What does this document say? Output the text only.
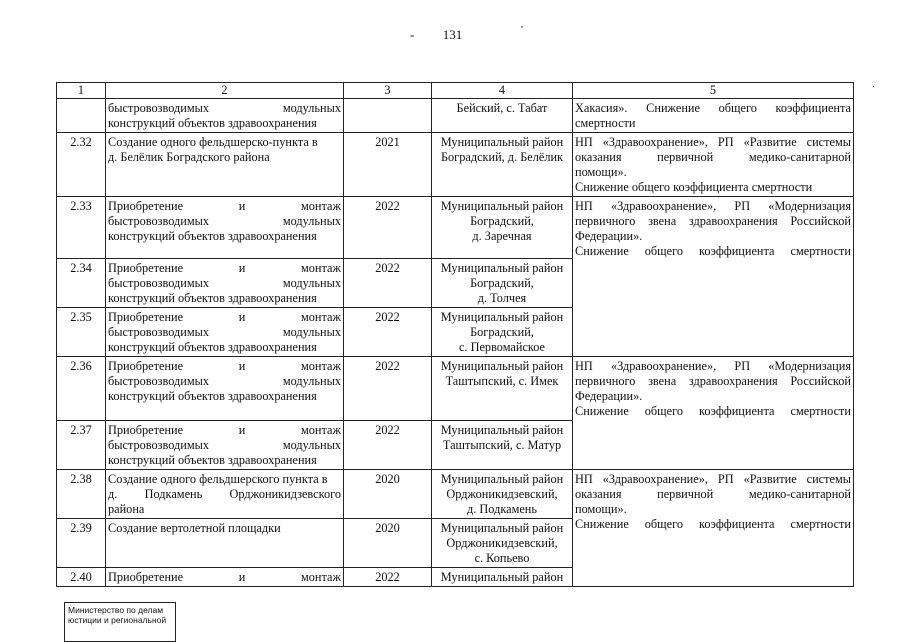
-	131	'
.
1	2	3	4	5

	быстровозводимых модульных
конструкций объектов здравоохранения		Бейский, с. Табат	Хакасия». Снижение общего коэффициента
смертности

2.32	Создание одного фельдшерско-пункта в
д. Белёлик Боградского района	2021	Муниципальный район
Боградский, д. Белёлик	НП «Здравоохранение», РП «Развитие системы
оказания первичной медико-санитарной
помощи».
Снижение общего коэффициента смертности

2.33	Приобретение и монтаж
быстровозводимых модульных
конструкций объектов здравоохранения	2022	Муниципальный район
Боградский,
д. Заречная	НП «Здравоохранение», РП «Модернизация
первичного звена здравоохранения Российской
Федерации».
Снижение общего коэффициента смертности

2.34	Приобретение и монтаж
быстровозводимых модульных
конструкций объектов здравоохранения	2022	Муниципальный район
Боградский,
д. Толчея	

2.35	Приобретение и монтаж
быстровозводимых модульных
конструкций объектов здравоохранения	2022	Муниципальный район
Боградский,
с. Первомайское	

2.36	Приобретение и монтаж
быстровозводимых модульных
конструкций объектов здравоохранения	2022	Муниципальный район
Таштыпский, с. Имек	НП «Здравоохранение», РП «Модернизация
первичного звена здравоохранения Российской
Федерации».
Снижение общего коэффициента смертности

2.37	Приобретение и монтаж
быстровозводимых модульных
конструкций объектов здравоохранения	2022	Муниципальный район
Таштыпский, с. Матур	

2.38	Создание одного фельдшерского пункта в
д. Подкамень Орджоникидзевского
района	2020	Муниципальный район
Орджоникидзевский,
д. Подкамень	НП «Здравоохранение», РП «Развитие системы
оказания первичной медико-санитарной
помощи».
Снижение общего коэффициента смертности

2.39	Создание вертолетной площадки	2020	Муниципальный район
Орджоникидзевский,
с. Копьево	

2.40	Приобретение и монтаж	2022	Муниципальный район	
Министерство по делам
юстиции и региональной
